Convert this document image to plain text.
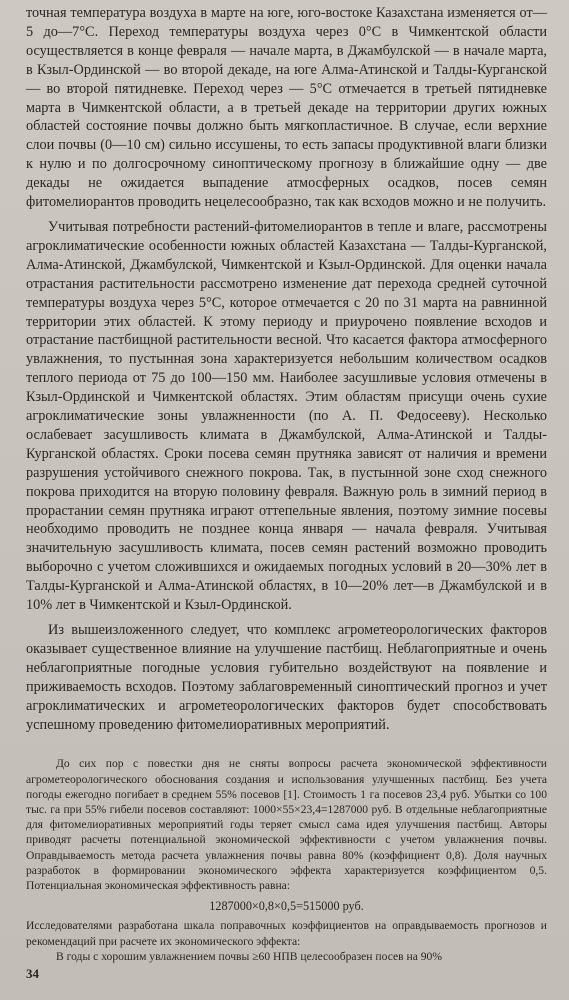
точная температура воздуха в марте на юге, юго-востоке Казахстана изменяется от—5 до—7°С. Переход температуры воздуха через 0°С в Чимкентской области осуществляется в конце февраля — начале марта, в Джамбулской — в начале марта, в Кзыл-Ординской — во второй декаде, на юге Алма-Атинской и Талды-Курганской — во второй пятидневке. Переход через — 5°С отмечается в третьей пятидневке марта в Чимкентской области, а в третьей декаде на территории других южных областей состояние почвы должно быть мягкопластичное. В случае, если верхние слои почвы (0—10 см) сильно иссушены, то есть запасы продуктивной влаги близки к нулю и по долгосрочному синоптическому прогнозу в ближайшие одну — две декады не ожидается выпадение атмосферных осадков, посев семян фитомелиорантов проводить нецелесообразно, так как всходов можно и не получить.

Учитывая потребности растений-фитомелиорантов в тепле и влаге, рассмотрены агроклиматические особенности южных областей Казахстана — Талды-Курганской, Алма-Атинской, Джамбулской, Чимкентской и Кзыл-Ординской. Для оценки начала отрастания растительности рассмотрено изменение дат перехода средней суточной температуры воздуха через 5°С, которое отмечается с 20 по 31 марта на равнинной территории этих областей. К этому периоду и приурочено появление всходов и отрастание пастбищной растительности весной. Что касается фактора атмосферного увлажнения, то пустынная зона характеризуется небольшим количеством осадков теплого периода от 75 до 100—150 мм. Наиболее засушливые условия отмечены в Кзыл-Ординской и Чимкентской областях. Этим областям присущи очень сухие агроклиматические зоны увлажненности (по А. П. Федосееву). Несколько ослабевает засушливость климата в Джамбулской, Алма-Атинской и Талды-Курганской областях. Сроки посева семян прутняка зависят от наличия и времени разрушения устойчивого снежного покрова. Так, в пустынной зоне сход снежного покрова приходится на вторую половину февраля. Важную роль в зимний период в прорастании семян прутняка играют оттепельные явления, поэтому зимние посевы необходимо проводить не позднее конца января — начала февраля. Учитывая значительную засушливость климата, посев семян растений возможно проводить выборочно с учетом сложившихся и ожидаемых погодных условий в 20—30% лет в Талды-Курганской и Алма-Атинской областях, в 10—20% лет—в Джамбулской и в 10% лет в Чимкентской и Кзыл-Ординской.

Из вышеизложенного следует, что комплекс агрометеорологических факторов оказывает существенное влияние на улучшение пастбищ. Неблагоприятные и очень неблагоприятные погодные условия губительно воздействуют на появление и приживаемость всходов. Поэтому заблаговременный синоптический прогноз и учет агроклиматических и агрометеорологических факторов будет способствовать успешному проведению фитомелиоративных мероприятий.

До сих пор с повестки дня не сняты вопросы расчета экономической эффективности агрометеорологического обоснования создания и использования улучшенных пастбищ. Без учета погоды ежегодно погибает в среднем 55% посевов [1]. Стоимость 1 га посевов 23,4 руб. Убытки со 100 тыс. га при 55% гибели посевов составляют: 1000×55×23,4=1287000 руб. В отдельные неблагоприятные для фитомелиоративных мероприятий годы теряет смысл сама идея улучшения пастбищ. Авторы приводят расчеты потенциальной экономической эффективности с учетом увлажнения почвы. Оправдываемость метода расчета увлажнения почвы равна 80% (коэффициент 0,8). Доля научных разработок в формировании экономического эффекта характеризуется коэффициентом 0,5. Потенциальная экономическая эффективность равна:

1287000×0,8×0,5=515000 руб.

Исследователями разработана шкала поправочных коэффициентов на оправдываемость прогнозов и рекомендаций при расчете их экономического эффекта:

В годы с хорошим увлажнением почвы ≥60 НПВ целесообразен посев на 90%

34
